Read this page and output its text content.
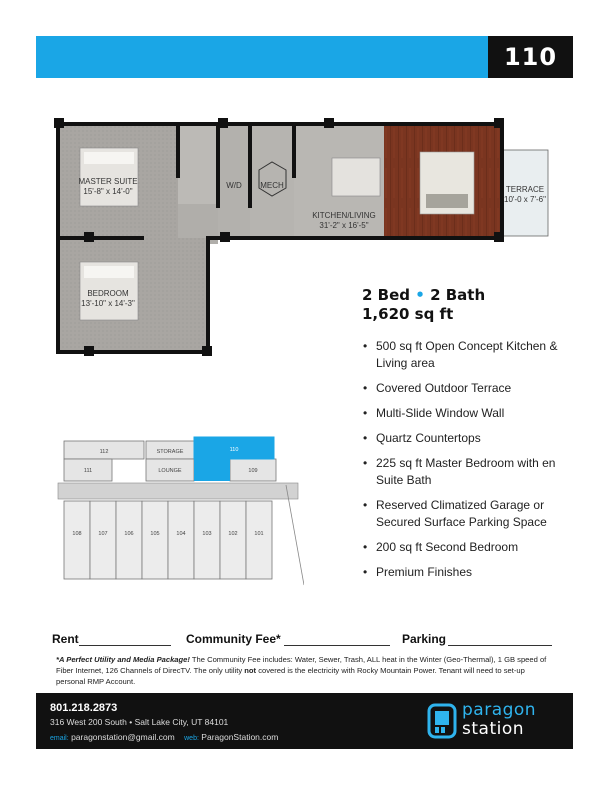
110
MASTER SUITE
15'-8" x 14'-0"
W/D MECH
KITCHEN/LIVING
31'-2" x 16'-5"
TERRACE
10'-0 x 7'-6"
BEDROOM
13'-10" x 14'-3"	2 Bed • 2 Bath
1,620 sq ft
• 500 sq ft Open Concept Kitchen & Living area
• Covered Outdoor Terrace
• Multi-Slide Window Wall
• Quartz Countertops
• 225 sq ft Master Bedroom with en Suite Bath
• Reserved Climatized Garage or Secured Surface Parking Space
• 200 sq ft Second Bedroom
• Premium Finishes
112
111
STORAGE
LOUNGE
110
109
108	107	106	105	104	103	102	101
Rent	Community Fee*	Parking

*A Perfect Utility and Media Package! The Community Fee includes: Water, Sewer, Trash, ALL heat in the Winter (Geo-Thermal), 1 GB speed of Fiber Internet, 126 Channels of DirecTV. The only utility not covered is the electricity with Rocky Mountain Power. Tenant will need to set-up personal RMP Account.

801.218.2873
316 West 200 South • Salt Lake City, UT 84101
email: paragonstation@gmail.com web: ParagonStation.com
paragon
station
